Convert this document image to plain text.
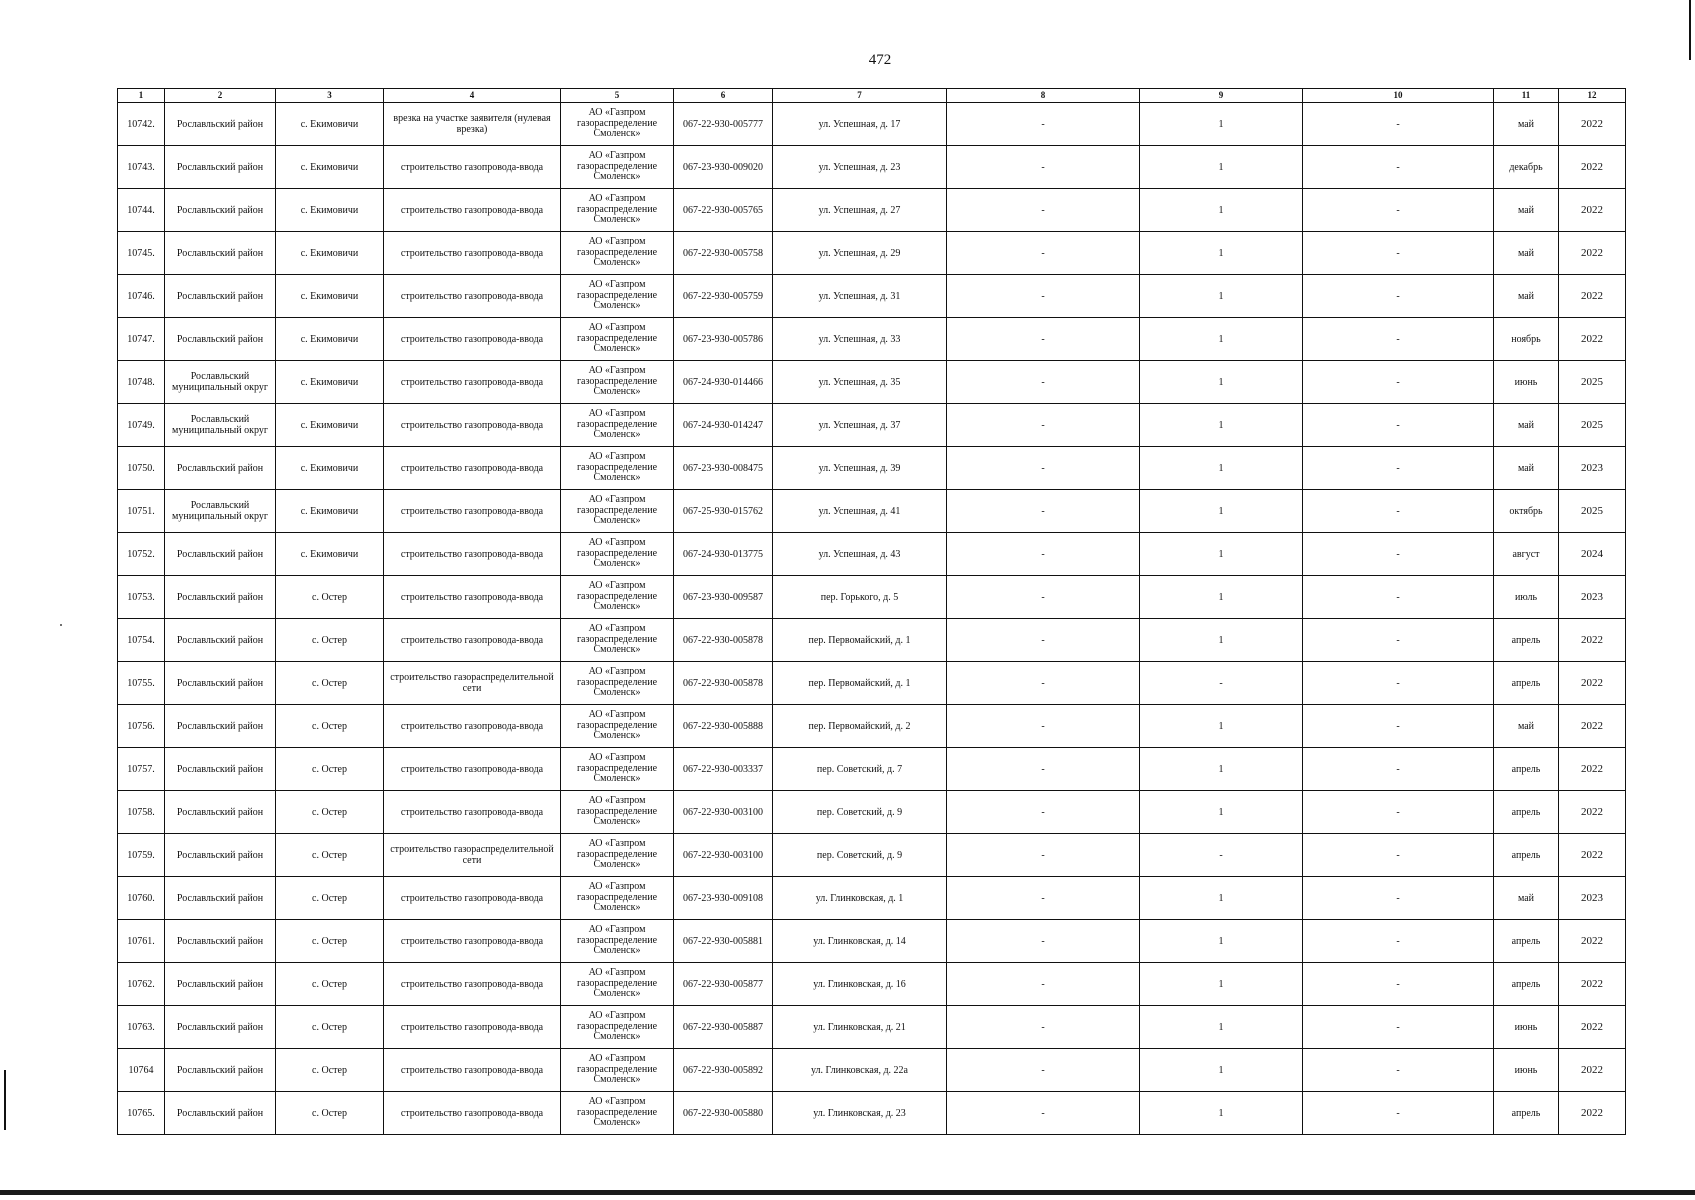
472
1	2	3	4	5	6	7	8	9	10	11	12
10742.	Рославльский район	с. Екимовичи	врезка на участке заявителя (нулевая врезка)	АО «Газпром газораспределение Смоленск»	067-22-930-005777	ул. Успешная, д. 17	-	1	-	май	2022
10743.	Рославльский район	с. Екимовичи	строительство газопровода-ввода	АО «Газпром газораспределение Смоленск»	067-23-930-009020	ул. Успешная, д. 23	-	1	-	декабрь	2022
10744.	Рославльский район	с. Екимовичи	строительство газопровода-ввода	АО «Газпром газораспределение Смоленск»	067-22-930-005765	ул. Успешная, д. 27	-	1	-	май	2022
10745.	Рославльский район	с. Екимовичи	строительство газопровода-ввода	АО «Газпром газораспределение Смоленск»	067-22-930-005758	ул. Успешная, д. 29	-	1	-	май	2022
10746.	Рославльский район	с. Екимовичи	строительство газопровода-ввода	АО «Газпром газораспределение Смоленск»	067-22-930-005759	ул. Успешная, д. 31	-	1	-	май	2022
10747.	Рославльский район	с. Екимовичи	строительство газопровода-ввода	АО «Газпром газораспределение Смоленск»	067-23-930-005786	ул. Успешная, д. 33	-	1	-	ноябрь	2022
10748.	Рославльский муниципальный округ	с. Екимовичи	строительство газопровода-ввода	АО «Газпром газораспределение Смоленск»	067-24-930-014466	ул. Успешная, д. 35	-	1	-	июнь	2025
10749.	Рославльский муниципальный округ	с. Екимовичи	строительство газопровода-ввода	АО «Газпром газораспределение Смоленск»	067-24-930-014247	ул. Успешная, д. 37	-	1	-	май	2025
10750.	Рославльский район	с. Екимовичи	строительство газопровода-ввода	АО «Газпром газораспределение Смоленск»	067-23-930-008475	ул. Успешная, д. 39	-	1	-	май	2023
10751.	Рославльский муниципальный округ	с. Екимовичи	строительство газопровода-ввода	АО «Газпром газораспределение Смоленск»	067-25-930-015762	ул. Успешная, д. 41	-	1	-	октябрь	2025
10752.	Рославльский район	с. Екимовичи	строительство газопровода-ввода	АО «Газпром газораспределение Смоленск»	067-24-930-013775	ул. Успешная, д. 43	-	1	-	август	2024
10753.	Рославльский район	с. Остер	строительство газопровода-ввода	АО «Газпром газораспределение Смоленск»	067-23-930-009587	пер. Горького, д. 5	-	1	-	июль	2023
10754.	Рославльский район	с. Остер	строительство газопровода-ввода	АО «Газпром газораспределение Смоленск»	067-22-930-005878	пер. Первомайский, д. 1	-	1	-	апрель	2022
10755.	Рославльский район	с. Остер	строительство газораспределительной сети	АО «Газпром газораспределение Смоленск»	067-22-930-005878	пер. Первомайский, д. 1	-	-	-	апрель	2022
10756.	Рославльский район	с. Остер	строительство газопровода-ввода	АО «Газпром газораспределение Смоленск»	067-22-930-005888	пер. Первомайский, д. 2	-	1	-	май	2022
10757.	Рославльский район	с. Остер	строительство газопровода-ввода	АО «Газпром газораспределение Смоленск»	067-22-930-003337	пер. Советский, д. 7	-	1	-	апрель	2022
10758.	Рославльский район	с. Остер	строительство газопровода-ввода	АО «Газпром газораспределение Смоленск»	067-22-930-003100	пер. Советский, д. 9	-	1	-	апрель	2022
10759.	Рославльский район	с. Остер	строительство газораспределительной сети	АО «Газпром газораспределение Смоленск»	067-22-930-003100	пер. Советский, д. 9	-	-	-	апрель	2022
10760.	Рославльский район	с. Остер	строительство газопровода-ввода	АО «Газпром газораспределение Смоленск»	067-23-930-009108	ул. Глинковская, д. 1	-	1	-	май	2023
10761.	Рославльский район	с. Остер	строительство газопровода-ввода	АО «Газпром газораспределение Смоленск»	067-22-930-005881	ул. Глинковская, д. 14	-	1	-	апрель	2022
10762.	Рославльский район	с. Остер	строительство газопровода-ввода	АО «Газпром газораспределение Смоленск»	067-22-930-005877	ул. Глинковская, д. 16	-	1	-	апрель	2022
10763.	Рославльский район	с. Остер	строительство газопровода-ввода	АО «Газпром газораспределение Смоленск»	067-22-930-005887	ул. Глинковская, д. 21	-	1	-	июнь	2022
10764	Рославльский район	с. Остер	строительство газопровода-ввода	АО «Газпром газораспределение Смоленск»	067-22-930-005892	ул. Глинковская, д. 22а	-	1	-	июнь	2022
10765.	Рославльский район	с. Остер	строительство газопровода-ввода	АО «Газпром газораспределение Смоленск»	067-22-930-005880	ул. Глинковская, д. 23	-	1	-	апрель	2022
